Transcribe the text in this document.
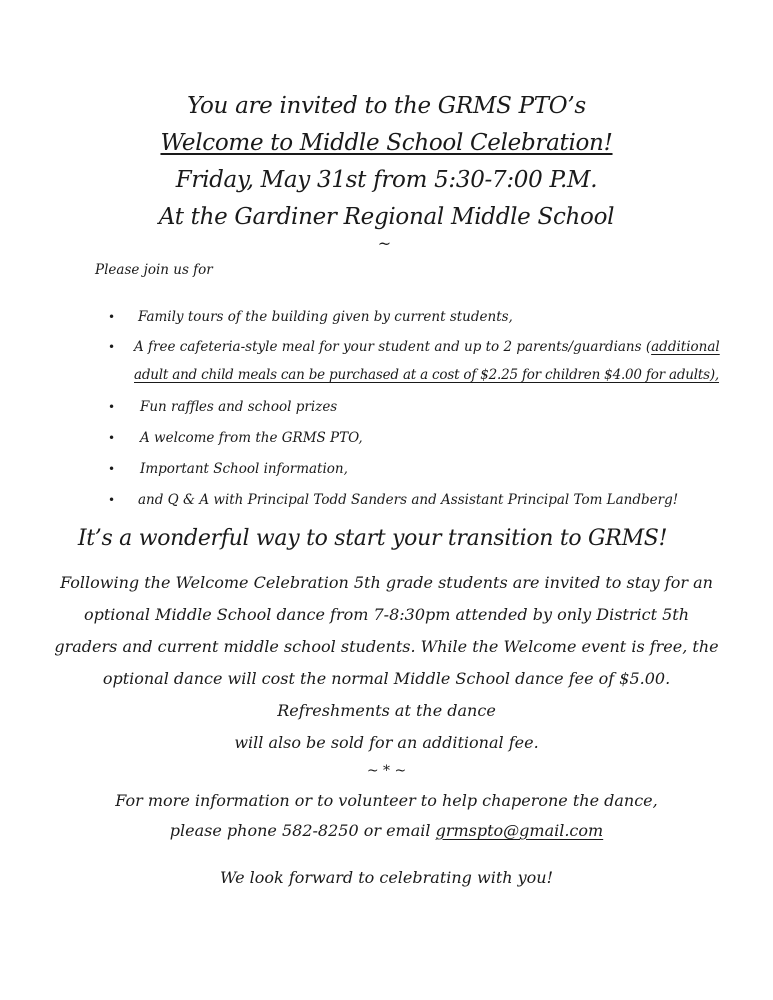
You are invited to the GRMS PTO’s
Welcome to Middle School Celebration!
Friday, May 31st from 5:30-7:00 P.M.
At the Gardiner Regional Middle School
~
Please join us for
• Family tours of the building given by current students,
• A free cafeteria-style meal for your student and up to 2 parents/guardians (additional
adult and child meals can be purchased at a cost of $2.25 for children $4.00 for adults),
• Fun raffles and school prizes
• A welcome from the GRMS PTO,
• Important School information,
• and Q & A with Principal Todd Sanders and Assistant Principal Tom Landberg!
It’s a wonderful way to start your transition to GRMS!
Following the Welcome Celebration 5th grade students are invited to stay for an
optional Middle School dance from 7-8:30pm attended by only District 5th
graders and current middle school students. While the Welcome event is free, the
optional dance will cost the normal Middle School dance fee of $5.00.
Refreshments at the dance
will also be sold for an additional fee.
~ * ~
For more information or to volunteer to help chaperone the dance,
please phone 582-8250 or email grmspto@gmail.com
We look forward to celebrating with you!
